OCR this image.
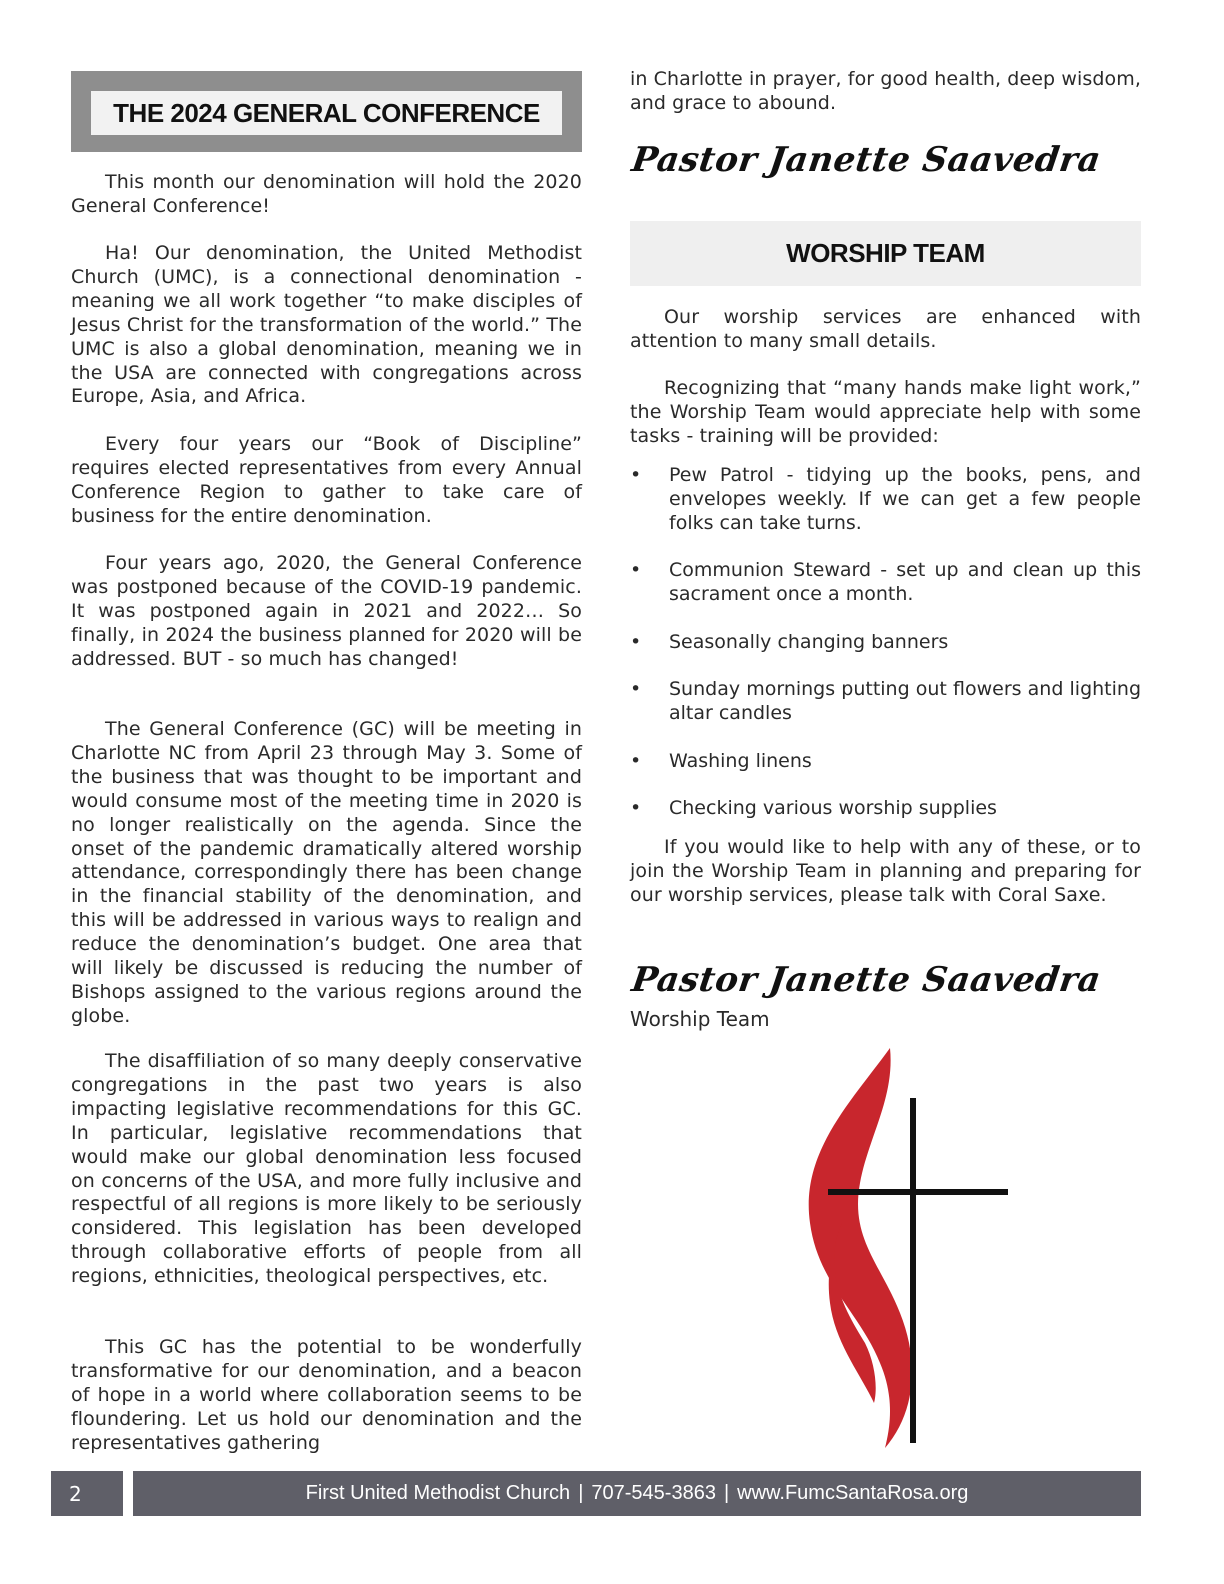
THE 2024 GENERAL CONFERENCE

This month our denomination will hold the 2020 General Conference!

Ha! Our denomination, the United Methodist Church (UMC), is a connectional denomination - meaning we all work together “to make disciples of Jesus Christ for the transformation of the world.” The UMC is also a global denomination, meaning we in the USA are connected with congregations across Europe, Asia, and Africa.

Every four years our “Book of Discipline” requires elected representatives from every Annual Conference Region to gather to take care of business for the entire denomination.

Four years ago, 2020, the General Conference was postponed because of the COVID-19 pandemic. It was postponed again in 2021 and 2022… So finally, in 2024 the business planned for 2020 will be addressed. BUT - so much has changed!

The General Conference (GC) will be meeting in Charlotte NC from April 23 through May 3. Some of the business that was thought to be important and would consume most of the meeting time in 2020 is no longer realistically on the agenda. Since the onset of the pandemic dramatically altered worship attendance, correspondingly there has been change in the financial stability of the denomination, and this will be addressed in various ways to realign and reduce the denomination’s budget. One area that will likely be discussed is reducing the number of Bishops assigned to the various regions around the globe.

The disaffiliation of so many deeply conservative congregations in the past two years is also impacting legislative recommendations for this GC. In particular, legislative recommendations that would make our global denomination less focused on concerns of the USA, and more fully inclusive and respectful of all regions is more likely to be seriously considered. This legislation has been developed through collaborative efforts of people from all regions, ethnicities, theological perspectives, etc.

This GC has the potential to be wonderfully transformative for our denomination, and a beacon of hope in a world where collaboration seems to be floundering. Let us hold our denomination and the representatives gathering

in Charlotte in prayer, for good health, deep wisdom, and grace to abound.

Pastor Janette Saavedra
WORSHIP TEAM

Our worship services are enhanced with attention to many small details.

Recognizing that “many hands make light work,” the Worship Team would appreciate help with some tasks - training will be provided:

• Pew Patrol - tidying up the books, pens, and envelopes weekly. If we can get a few people folks can take turns.
• Communion Steward - set up and clean up this sacrament once a month.
• Seasonally changing banners
• Sunday mornings putting out flowers and lighting altar candles
• Washing linens
• Checking various worship supplies

If you would like to help with any of these, or to join the Worship Team in planning and preparing for our worship services, please talk with Coral Saxe.

Pastor Janette Saavedra
Worship Team
2	First United Methodist Church | 707-545-3863 | www.FumcSantaRosa.org
